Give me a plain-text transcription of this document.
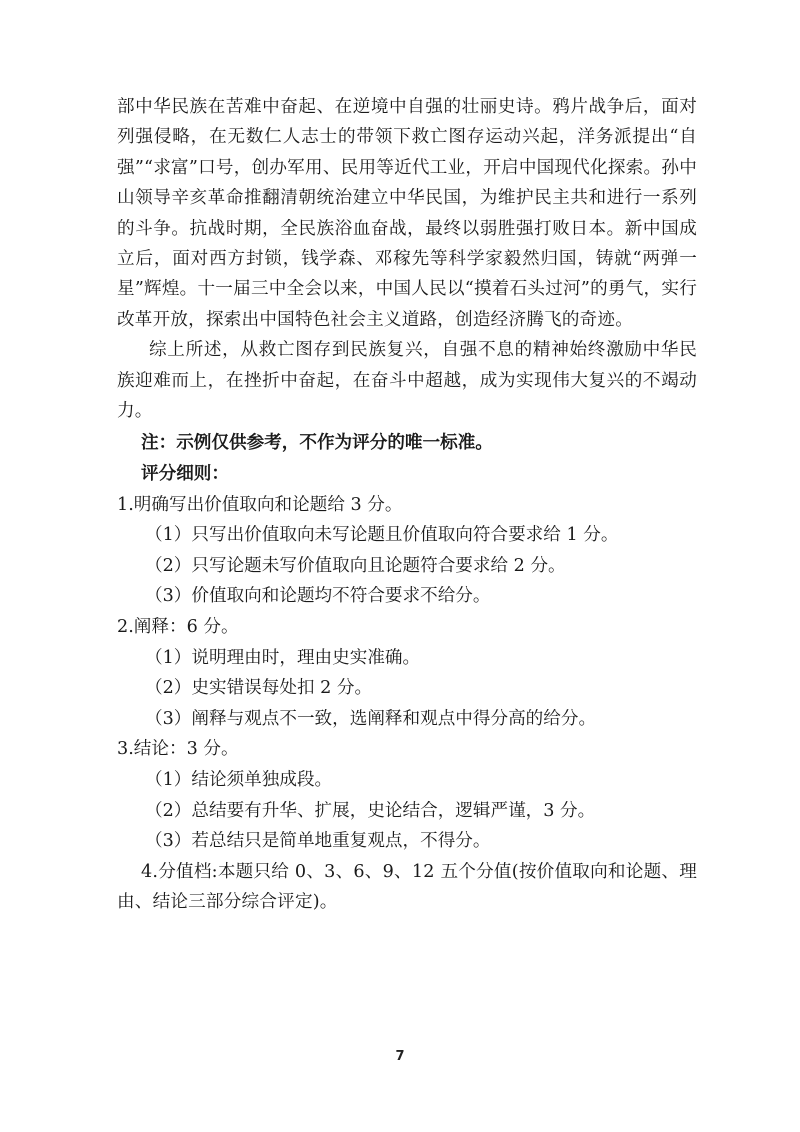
部中华民族在苦难中奋起、在逆境中自强的壮丽史诗。鸦片战争后，面对列强侵略，在无数仁人志士的带领下救亡图存运动兴起，洋务派提出“自强”“求富”口号，创办军用、民用等近代工业，开启中国现代化探索。孙中山领导辛亥革命推翻清朝统治建立中华民国，为维护民主共和进行一系列的斗争。抗战时期，全民族浴血奋战，最终以弱胜强打败日本。新中国成立后，面对西方封锁，钱学森、邓稼先等科学家毅然归国，铸就“两弹一星”辉煌。十一届三中全会以来，中国人民以“摸着石头过河”的勇气，实行改革开放，探索出中国特色社会主义道路，创造经济腾飞的奇迹。

综上所述，从救亡图存到民族复兴，自强不息的精神始终激励中华民族迎难而上，在挫折中奋起，在奋斗中超越，成为实现伟大复兴的不竭动力。

注：示例仅供参考，不作为评分的唯一标准。

评分细则：

1.明确写出价值取向和论题给 3 分。

（1）只写出价值取向未写论题且价值取向符合要求给 1 分。

（2）只写论题未写价值取向且论题符合要求给 2 分。

（3）价值取向和论题均不符合要求不给分。

2.阐释：6 分。

（1）说明理由时，理由史实准确。

（2）史实错误每处扣 2 分。

（3）阐释与观点不一致，选阐释和观点中得分高的给分。

3.结论：3 分。

（1）结论须单独成段。

（2）总结要有升华、扩展，史论结合，逻辑严谨，3 分。

（3）若总结只是简单地重复观点，不得分。

4.分值档:本题只给 0、3、6、9、12 五个分值(按价值取向和论题、理由、结论三部分综合评定)。

7
